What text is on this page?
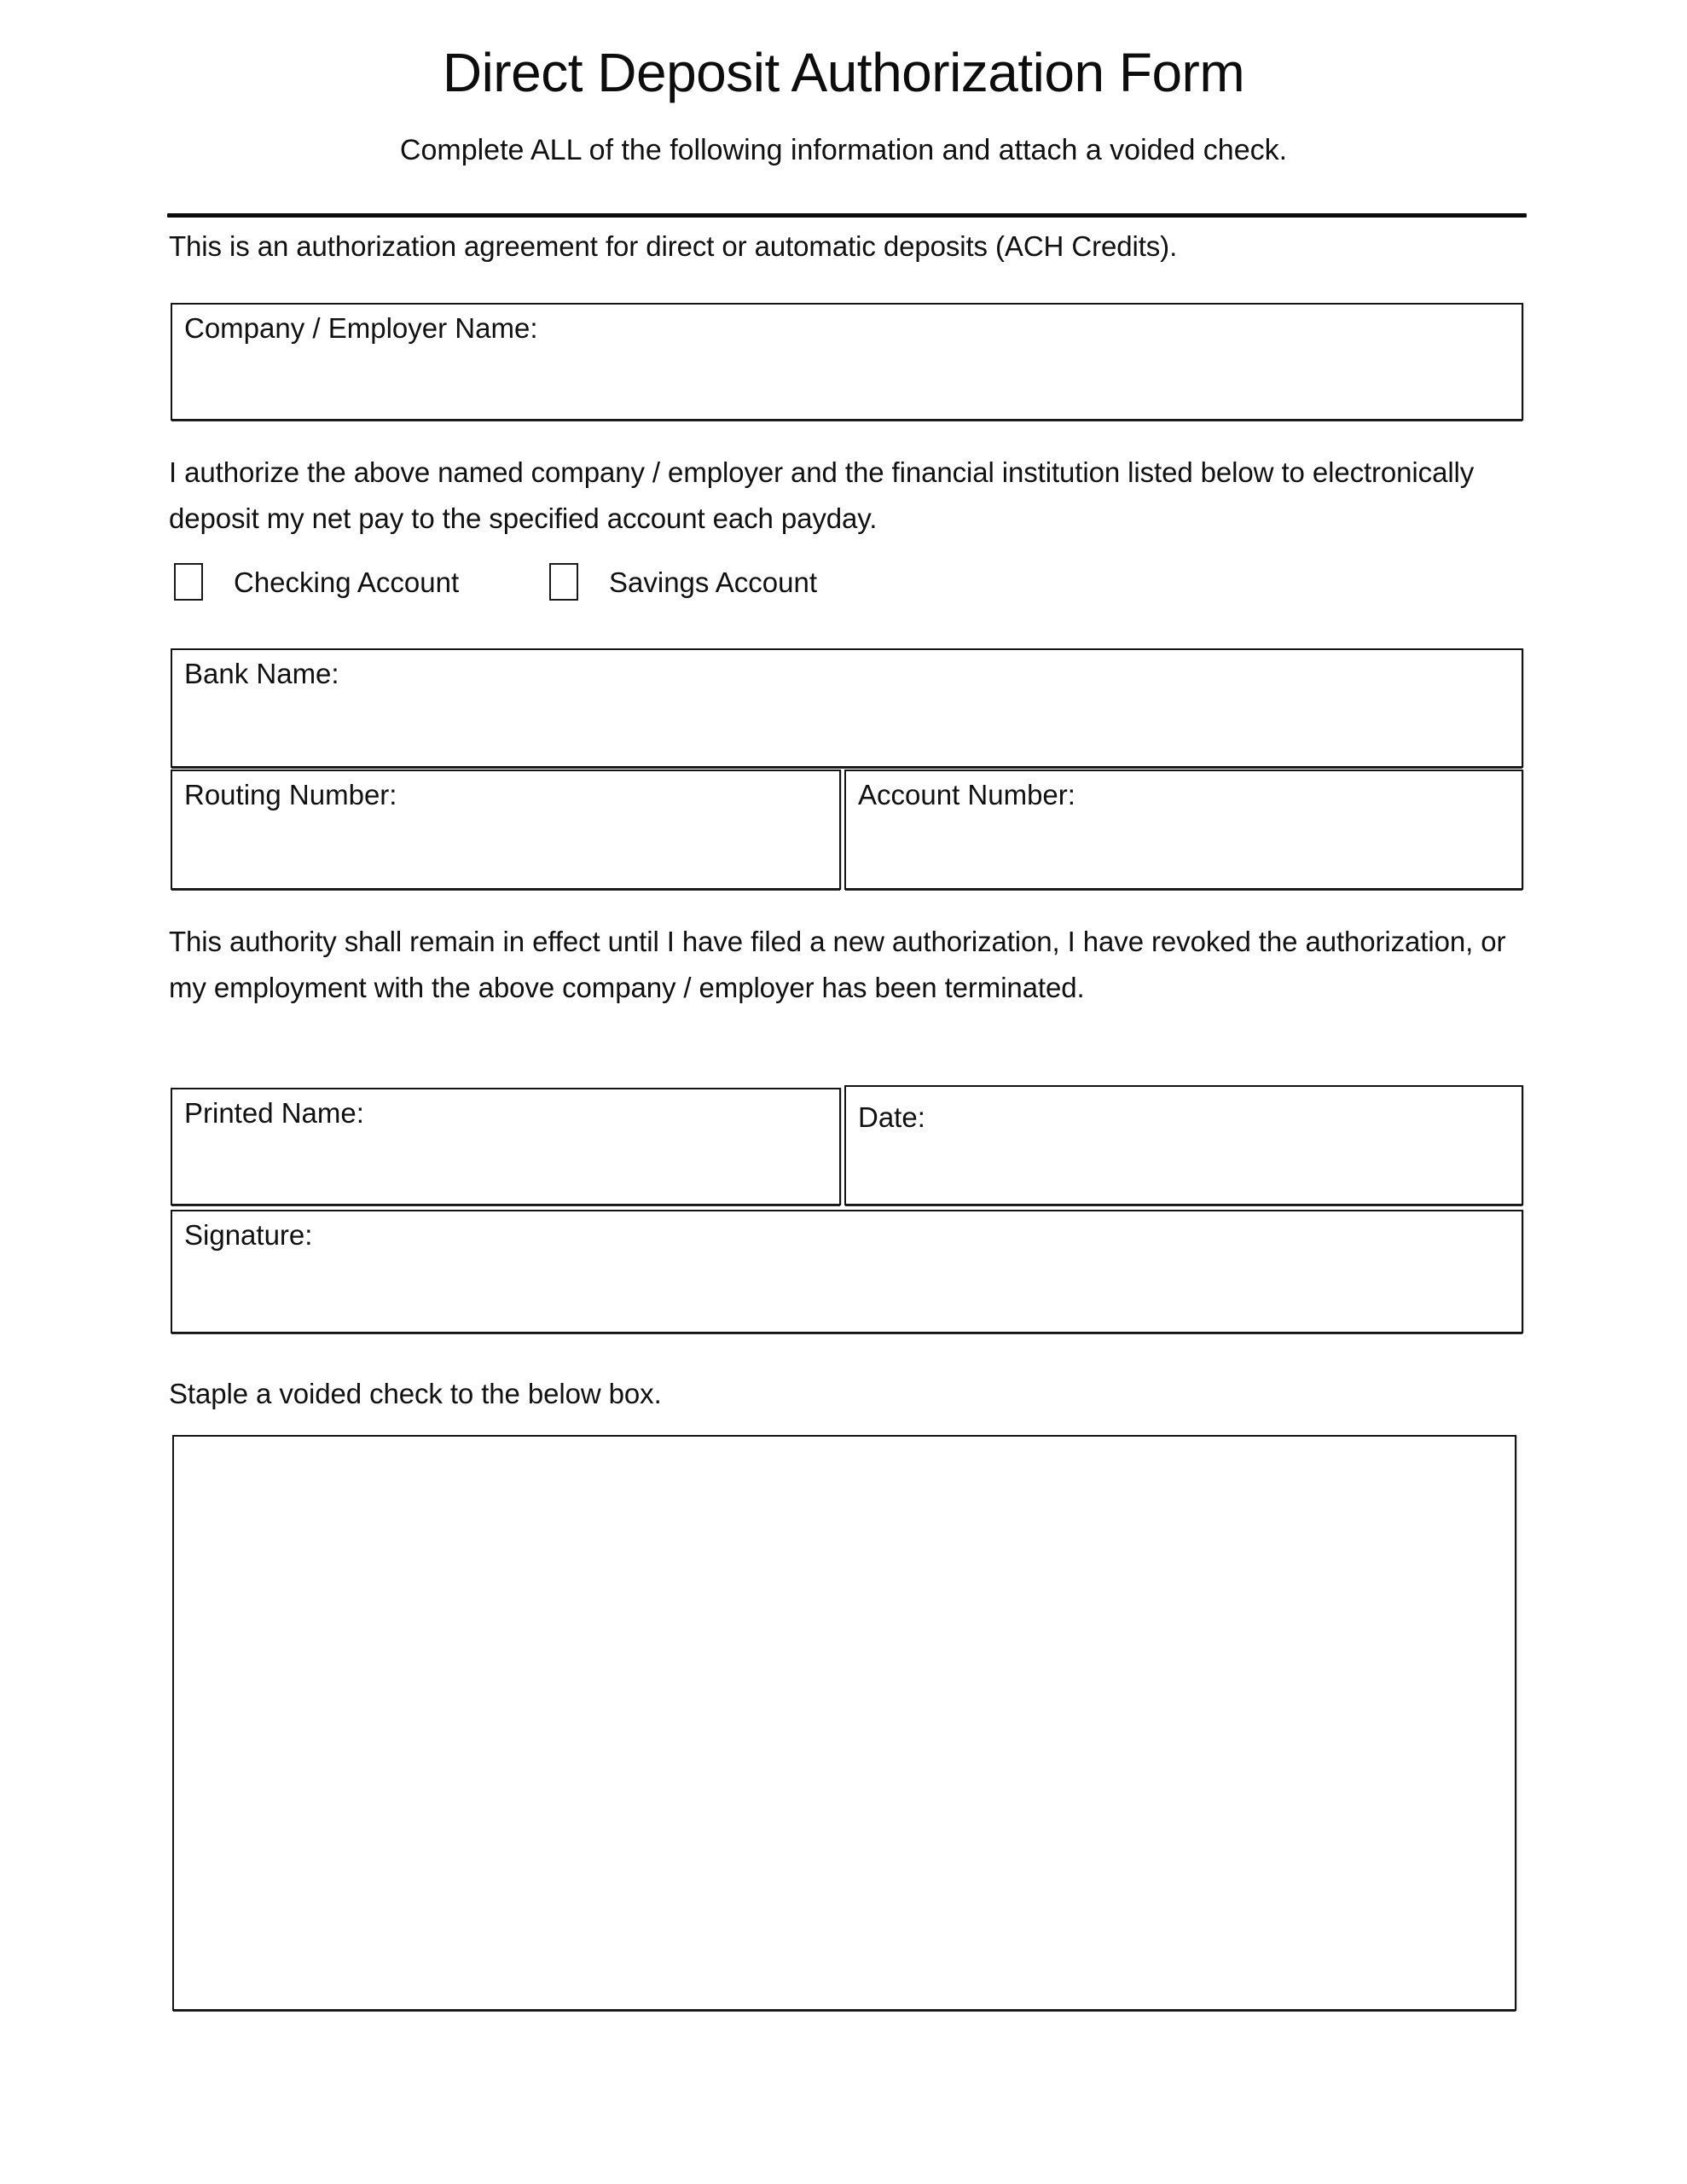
Direct Deposit Authorization Form
Complete ALL of the following information and attach a voided check.
This is an authorization agreement for direct or automatic deposits (ACH Credits).
Company / Employer Name:
I authorize the above named company / employer and the financial institution listed below to electronically deposit my net pay to the specified account each payday.
Checking Account	Savings Account
Bank Name:
Routing Number:	Account Number:
This authority shall remain in effect until I have filed a new authorization, I have revoked the authorization, or my employment with the above company / employer has been terminated.
Printed Name:	Date:
Signature:
Staple a voided check to the below box.
